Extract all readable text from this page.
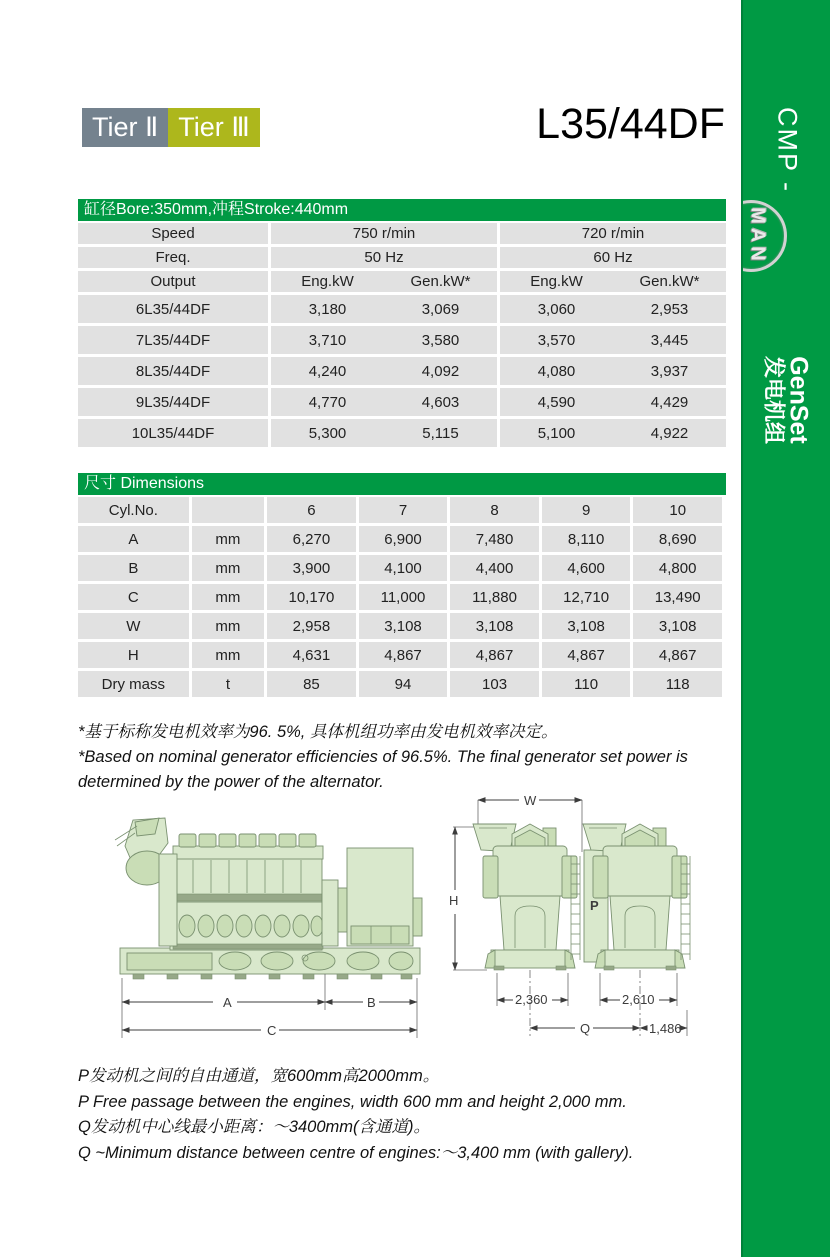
CMP -
MAN
GenSet
发电机组
Tier Ⅱ Tier Ⅲ	L35/44DF
缸径Bore:350mm,冲程Stroke:440mm
Speed	750 r/min	720 r/min
Freq.	50 Hz	60 Hz
Output	Eng.kW Gen.kW*	Eng.kW Gen.kW*

6L35/44DF	3,180 3,069	3,060 2,953

7L35/44DF	3,710 3,580	3,570 3,445

8L35/44DF	4,240 4,092	4,080 3,937

9L35/44DF	4,770 4,603	4,590 4,429

10L35/44DF	5,300 5,115	5,100 4,922
尺寸 Dimensions
Cyl.No.		6	7	8	9	10
A	mm	6,270	6,900	7,480	8,110	8,690
B	mm	3,900	4,100	4,400	4,600	4,800
C	mm	10,170	11,000	11,880	12,710	13,490
W	mm	2,958	3,108	3,108	3,108	3,108
H	mm	4,631	4,867	4,867	4,867	4,867
Dry mass	t	85	94	103	110	118
*基于标称发电机效率为96. 5%, 具体机组功率由发电机效率决定。
*Based on nominal generator efficiencies of 96.5%. The final generator set power is determined by the power of the alternator.
A	B
C
W
H	P
2,360	2,610
Q	1,486
P发动机之间的自由通道，宽600mm高2000mm。
P Free passage between the engines, width 600 mm and height 2,000 mm.
Q发动机中心线最小距离：～3400mm(含通道)。
Q ~Minimum distance between centre of engines:～3,400 mm (with gallery).
